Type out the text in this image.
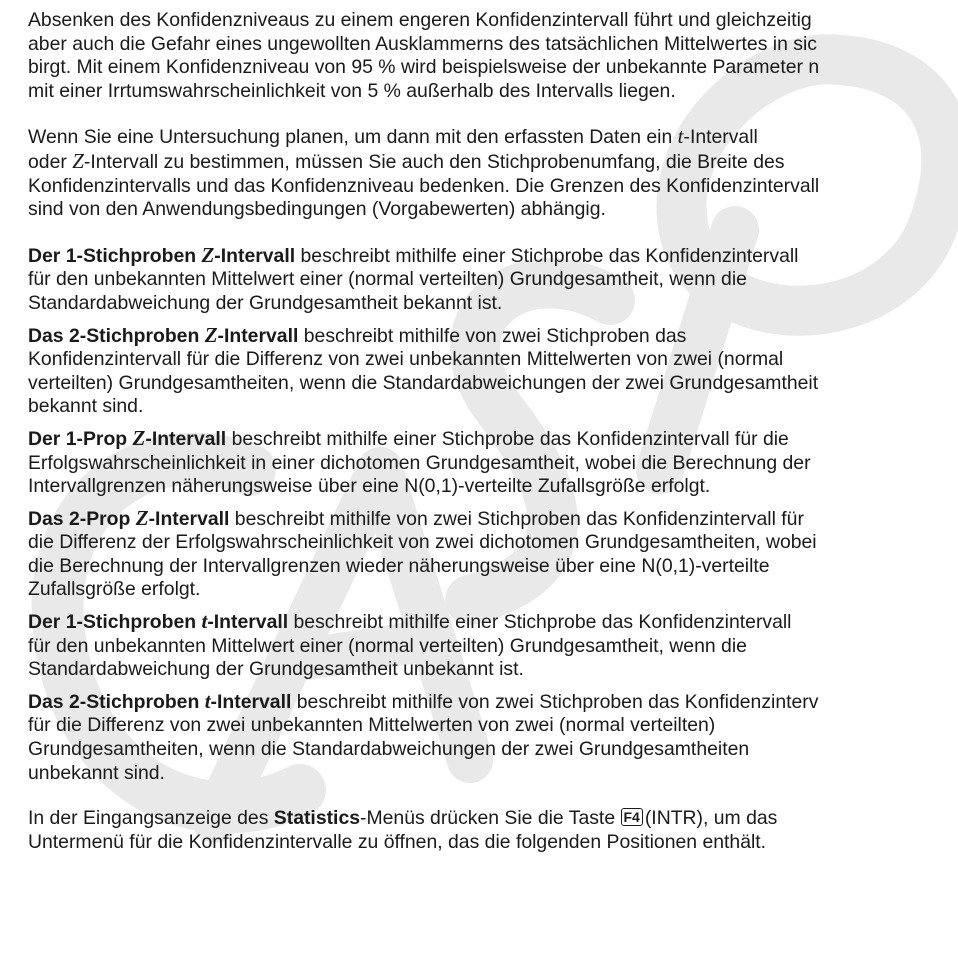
Absenken des Konfidenzniveaus zu einem engeren Konfidenzintervall führt und gleichzeitig
aber auch die Gefahr eines ungewollten Ausklammerns des tatsächlichen Mittelwertes in sic
birgt. Mit einem Konfidenzniveau von 95 % wird beispielsweise der unbekannte Parameter n
mit einer Irrtumswahrscheinlichkeit von 5 % außerhalb des Intervalls liegen.

Wenn Sie eine Untersuchung planen, um dann mit den erfassten Daten ein t-Intervall
oder Z-Intervall zu bestimmen, müssen Sie auch den Stichprobenumfang, die Breite des
Konfidenzintervalls und das Konfidenzniveau bedenken. Die Grenzen des Konfidenzintervall
sind von den Anwendungsbedingungen (Vorgabewerten) abhängig.

Der 1-Stichproben Z-Intervall beschreibt mithilfe einer Stichprobe das Konfidenzintervall
für den unbekannten Mittelwert einer (normal verteilten) Grundgesamtheit, wenn die
Standardabweichung der Grundgesamtheit bekannt ist.

Das 2-Stichproben Z-Intervall beschreibt mithilfe von zwei Stichproben das
Konfidenzintervall für die Differenz von zwei unbekannten Mittelwerten von zwei (normal
verteilten) Grundgesamtheiten, wenn die Standardabweichungen der zwei Grundgesamtheit
bekannt sind.

Der 1-Prop Z-Intervall beschreibt mithilfe einer Stichprobe das Konfidenzintervall für die
Erfolgswahrscheinlichkeit in einer dichotomen Grundgesamtheit, wobei die Berechnung der
Intervallgrenzen näherungsweise über eine N(0,1)-verteilte Zufallsgröße erfolgt.

Das 2-Prop Z-Intervall beschreibt mithilfe von zwei Stichproben das Konfidenzintervall für
die Differenz der Erfolgswahrscheinlichkeit von zwei dichotomen Grundgesamtheiten, wobei
die Berechnung der Intervallgrenzen wieder näherungsweise über eine N(0,1)-verteilte
Zufallsgröße erfolgt.

Der 1-Stichproben t-Intervall beschreibt mithilfe einer Stichprobe das Konfidenzintervall
für den unbekannten Mittelwert einer (normal verteilten) Grundgesamtheit, wenn die
Standardabweichung der Grundgesamtheit unbekannt ist.

Das 2-Stichproben t-Intervall beschreibt mithilfe von zwei Stichproben das Konfidenzinterv
für die Differenz von zwei unbekannten Mittelwerten von zwei (normal verteilten)
Grundgesamtheiten, wenn die Standardabweichungen der zwei Grundgesamtheiten
unbekannt sind.

In der Eingangsanzeige des Statistics-Menüs drücken Sie die Taste F4 (INTR), um das
Untermenü für die Konfidenzintervalle zu öffnen, das die folgenden Positionen enthält.
